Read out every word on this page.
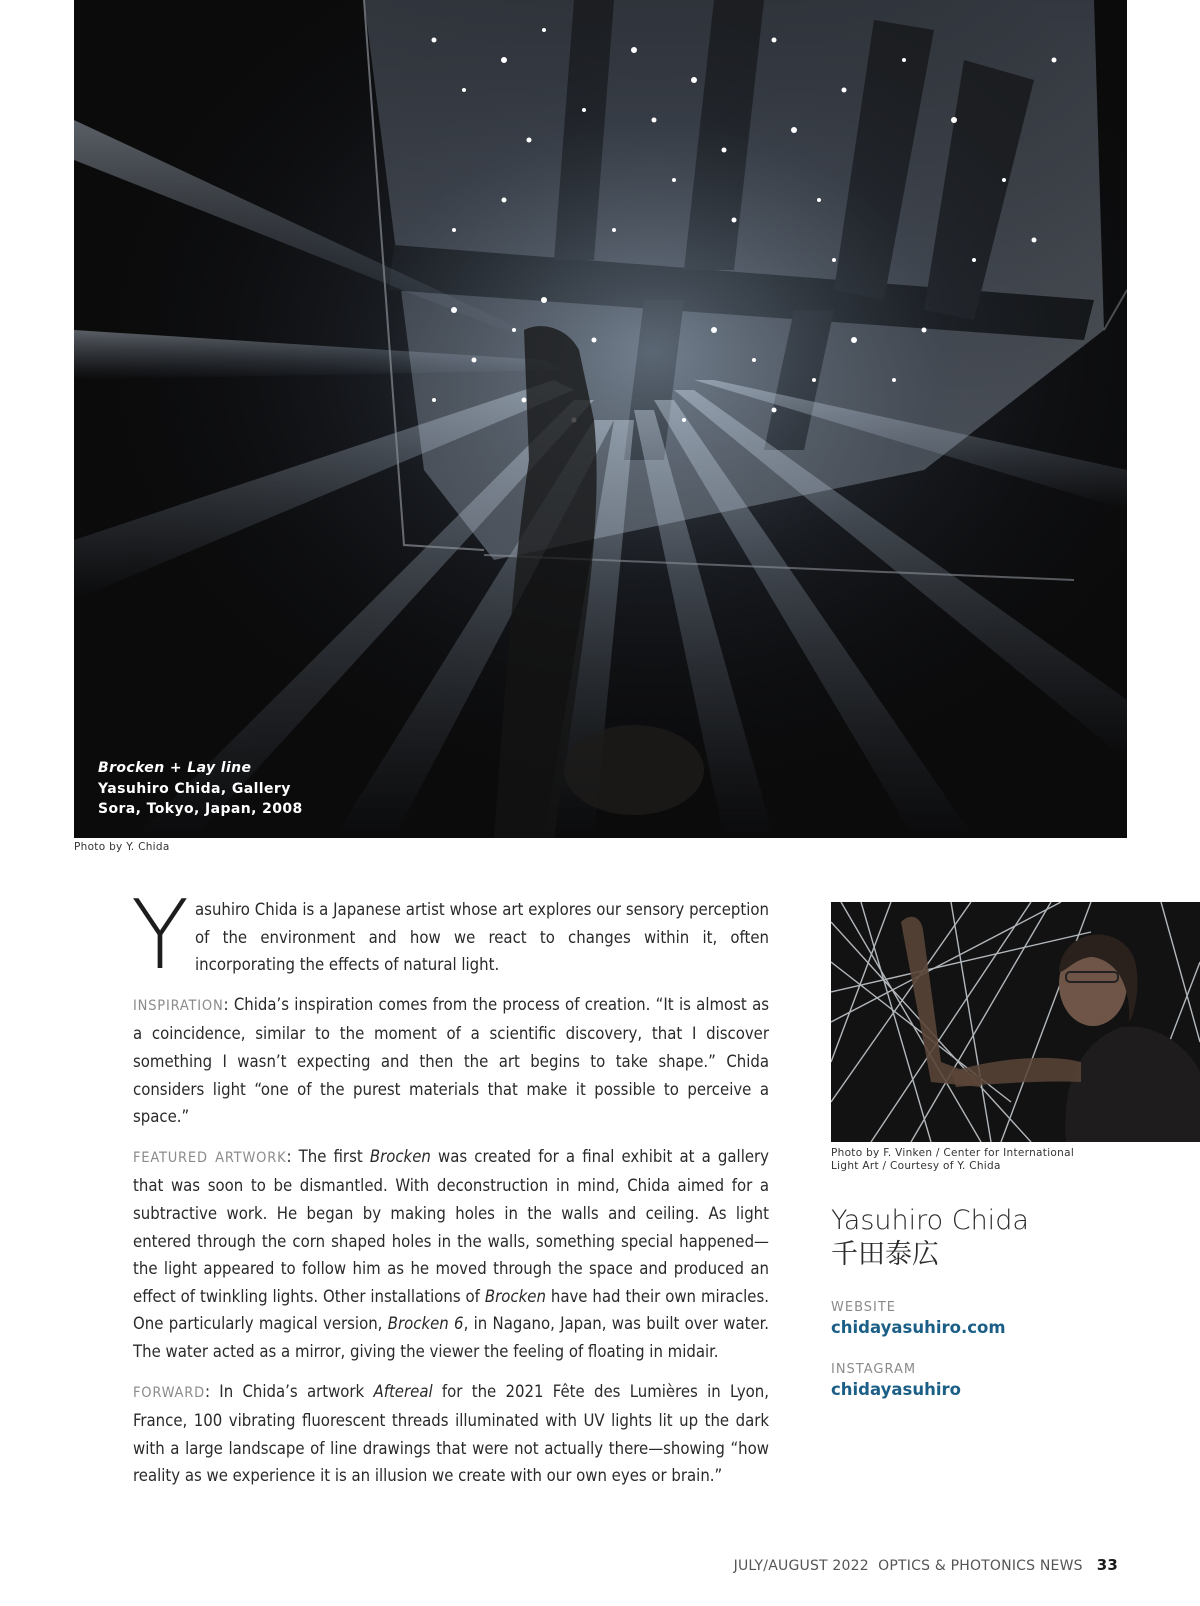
Brocken + Lay line
Yasuhiro Chida, Gallery
Sora, Tokyo, Japan, 2008
Photo by Y. Chida

Yasuhiro Chida is a Japanese artist whose art explores our sensory perception of the environment and how we react to changes within it, often incorporating the effects of natural light.

INSPIRATION: Chida’s inspiration comes from the process of creation. “It is almost as a coincidence, similar to the moment of a scientific discovery, that I discover something I wasn’t expecting and then the art begins to take shape.” Chida considers light “one of the purest materials that make it possible to perceive a space.”

FEATURED ARTWORK: The first Brocken was created for a final exhibit at a gallery that was soon to be dismantled. With deconstruction in mind, Chida aimed for a subtractive work. He began by making holes in the walls and ceiling. As light entered through the corn shaped holes in the walls, something special happened—the light appeared to follow him as he moved through the space and produced an effect of twinkling lights. Other installations of Brocken have had their own miracles. One particularly magical version, Brocken 6, in Nagano, Japan, was built over water. The water acted as a mirror, giving the viewer the feeling of floating in midair.

FORWARD: In Chida’s artwork Aftereal for the 2021 Fête des Lumières in Lyon, France, 100 vibrating fluorescent threads illuminated with UV lights lit up the dark with a large landscape of line drawings that were not actually there—showing “how reality as we experience it is an illusion we create with our own eyes or brain.”

Photo by F. Vinken / Center for International
Light Art / Courtesy of Y. Chida
Yasuhiro Chida
千田泰広
WEBSITE
chidayasuhiro.com
INSTAGRAM
chidayasuhiro
JULY/AUGUST 2022  OPTICS & PHOTONICS NEWS 33
